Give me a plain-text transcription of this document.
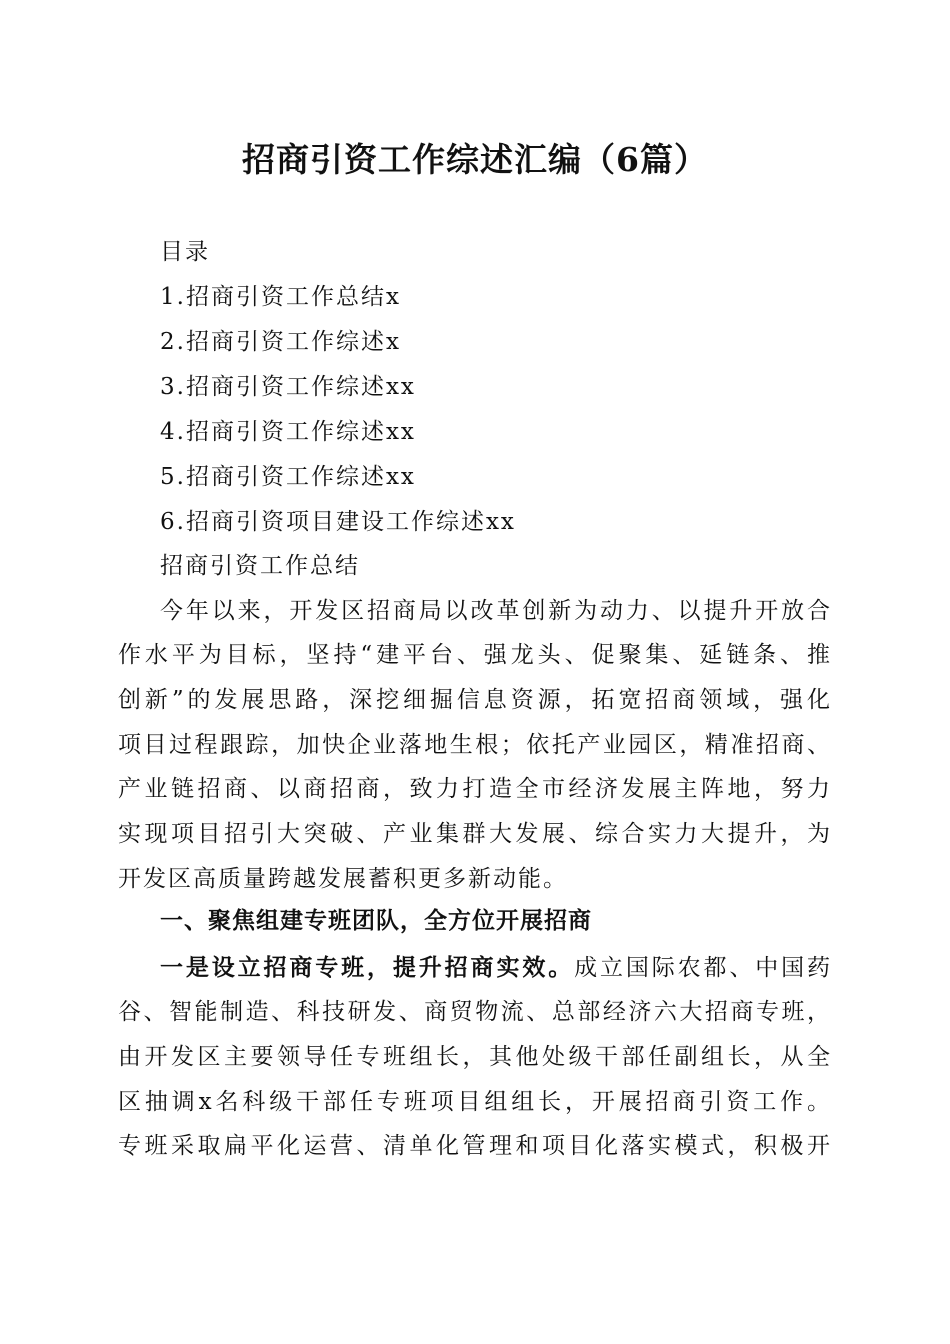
招商引资工作综述汇编（6篇）
目录
1.招商引资工作总结x
2.招商引资工作综述x
3.招商引资工作综述xx
4.招商引资工作综述xx
5.招商引资工作综述xx
6.招商引资项目建设工作综述xx
招商引资工作总结
今年以来，开发区招商局以改革创新为动力、以提升开放合
作水平为目标，坚持“建平台、强龙头、促聚集、延链条、推
创新”的发展思路，深挖细掘信息资源，拓宽招商领域，强化
项目过程跟踪，加快企业落地生根；依托产业园区，精准招商、
产业链招商、以商招商，致力打造全市经济发展主阵地，努力
实现项目招引大突破、产业集群大发展、综合实力大提升，为
开发区高质量跨越发展蓄积更多新动能。
一、聚焦组建专班团队，全方位开展招商
一是设立招商专班，提升招商实效。成立国际农都、中国药
谷、智能制造、科技研发、商贸物流、总部经济六大招商专班，
由开发区主要领导任专班组长，其他处级干部任副组长，从全
区抽调x名科级干部任专班项目组组长，开展招商引资工作。
专班采取扁平化运营、清单化管理和项目化落实模式，积极开
